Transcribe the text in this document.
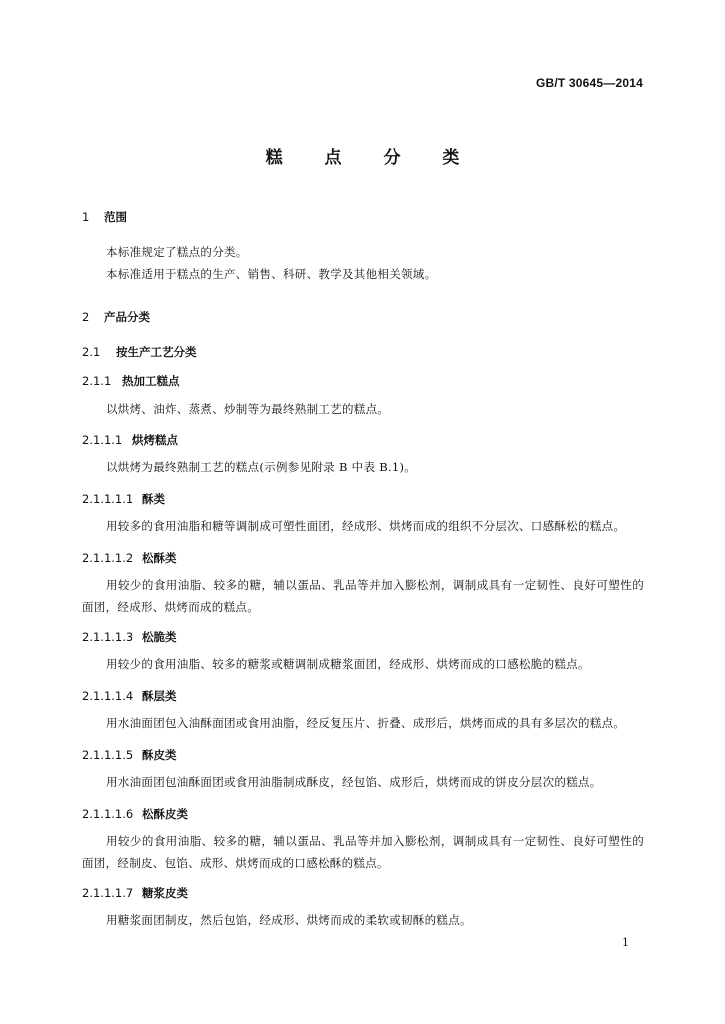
GB/T 30645—2014
糕 点 分 类
1 范围
本标准规定了糕点的分类。
本标准适用于糕点的生产、销售、科研、教学及其他相关领域。
2 产品分类
2.1 按生产工艺分类
2.1.1 热加工糕点
以烘烤、油炸、蒸煮、炒制等为最终熟制工艺的糕点。
2.1.1.1 烘烤糕点
以烘烤为最终熟制工艺的糕点(示例参见附录 B 中表 B.1)。
2.1.1.1.1 酥类
用较多的食用油脂和糖等调制成可塑性面团，经成形、烘烤而成的组织不分层次、口感酥松的糕点。
2.1.1.1.2 松酥类
用较少的食用油脂、较多的糖，辅以蛋品、乳品等并加入膨松剂，调制成具有一定韧性、良好可塑性的面团，经成形、烘烤而成的糕点。
2.1.1.1.3 松脆类
用较少的食用油脂、较多的糖浆或糖调制成糖浆面团，经成形、烘烤而成的口感松脆的糕点。
2.1.1.1.4 酥层类
用水油面团包入油酥面团或食用油脂，经反复压片、折叠、成形后，烘烤而成的具有多层次的糕点。
2.1.1.1.5 酥皮类
用水油面团包油酥面团或食用油脂制成酥皮，经包馅、成形后，烘烤而成的饼皮分层次的糕点。
2.1.1.1.6 松酥皮类
用较少的食用油脂、较多的糖，辅以蛋品、乳品等并加入膨松剂，调制成具有一定韧性、良好可塑性的面团，经制皮、包馅、成形、烘烤而成的口感松酥的糕点。
2.1.1.1.7 糖浆皮类
用糖浆面团制皮，然后包馅，经成形、烘烤而成的柔软或韧酥的糕点。
1
